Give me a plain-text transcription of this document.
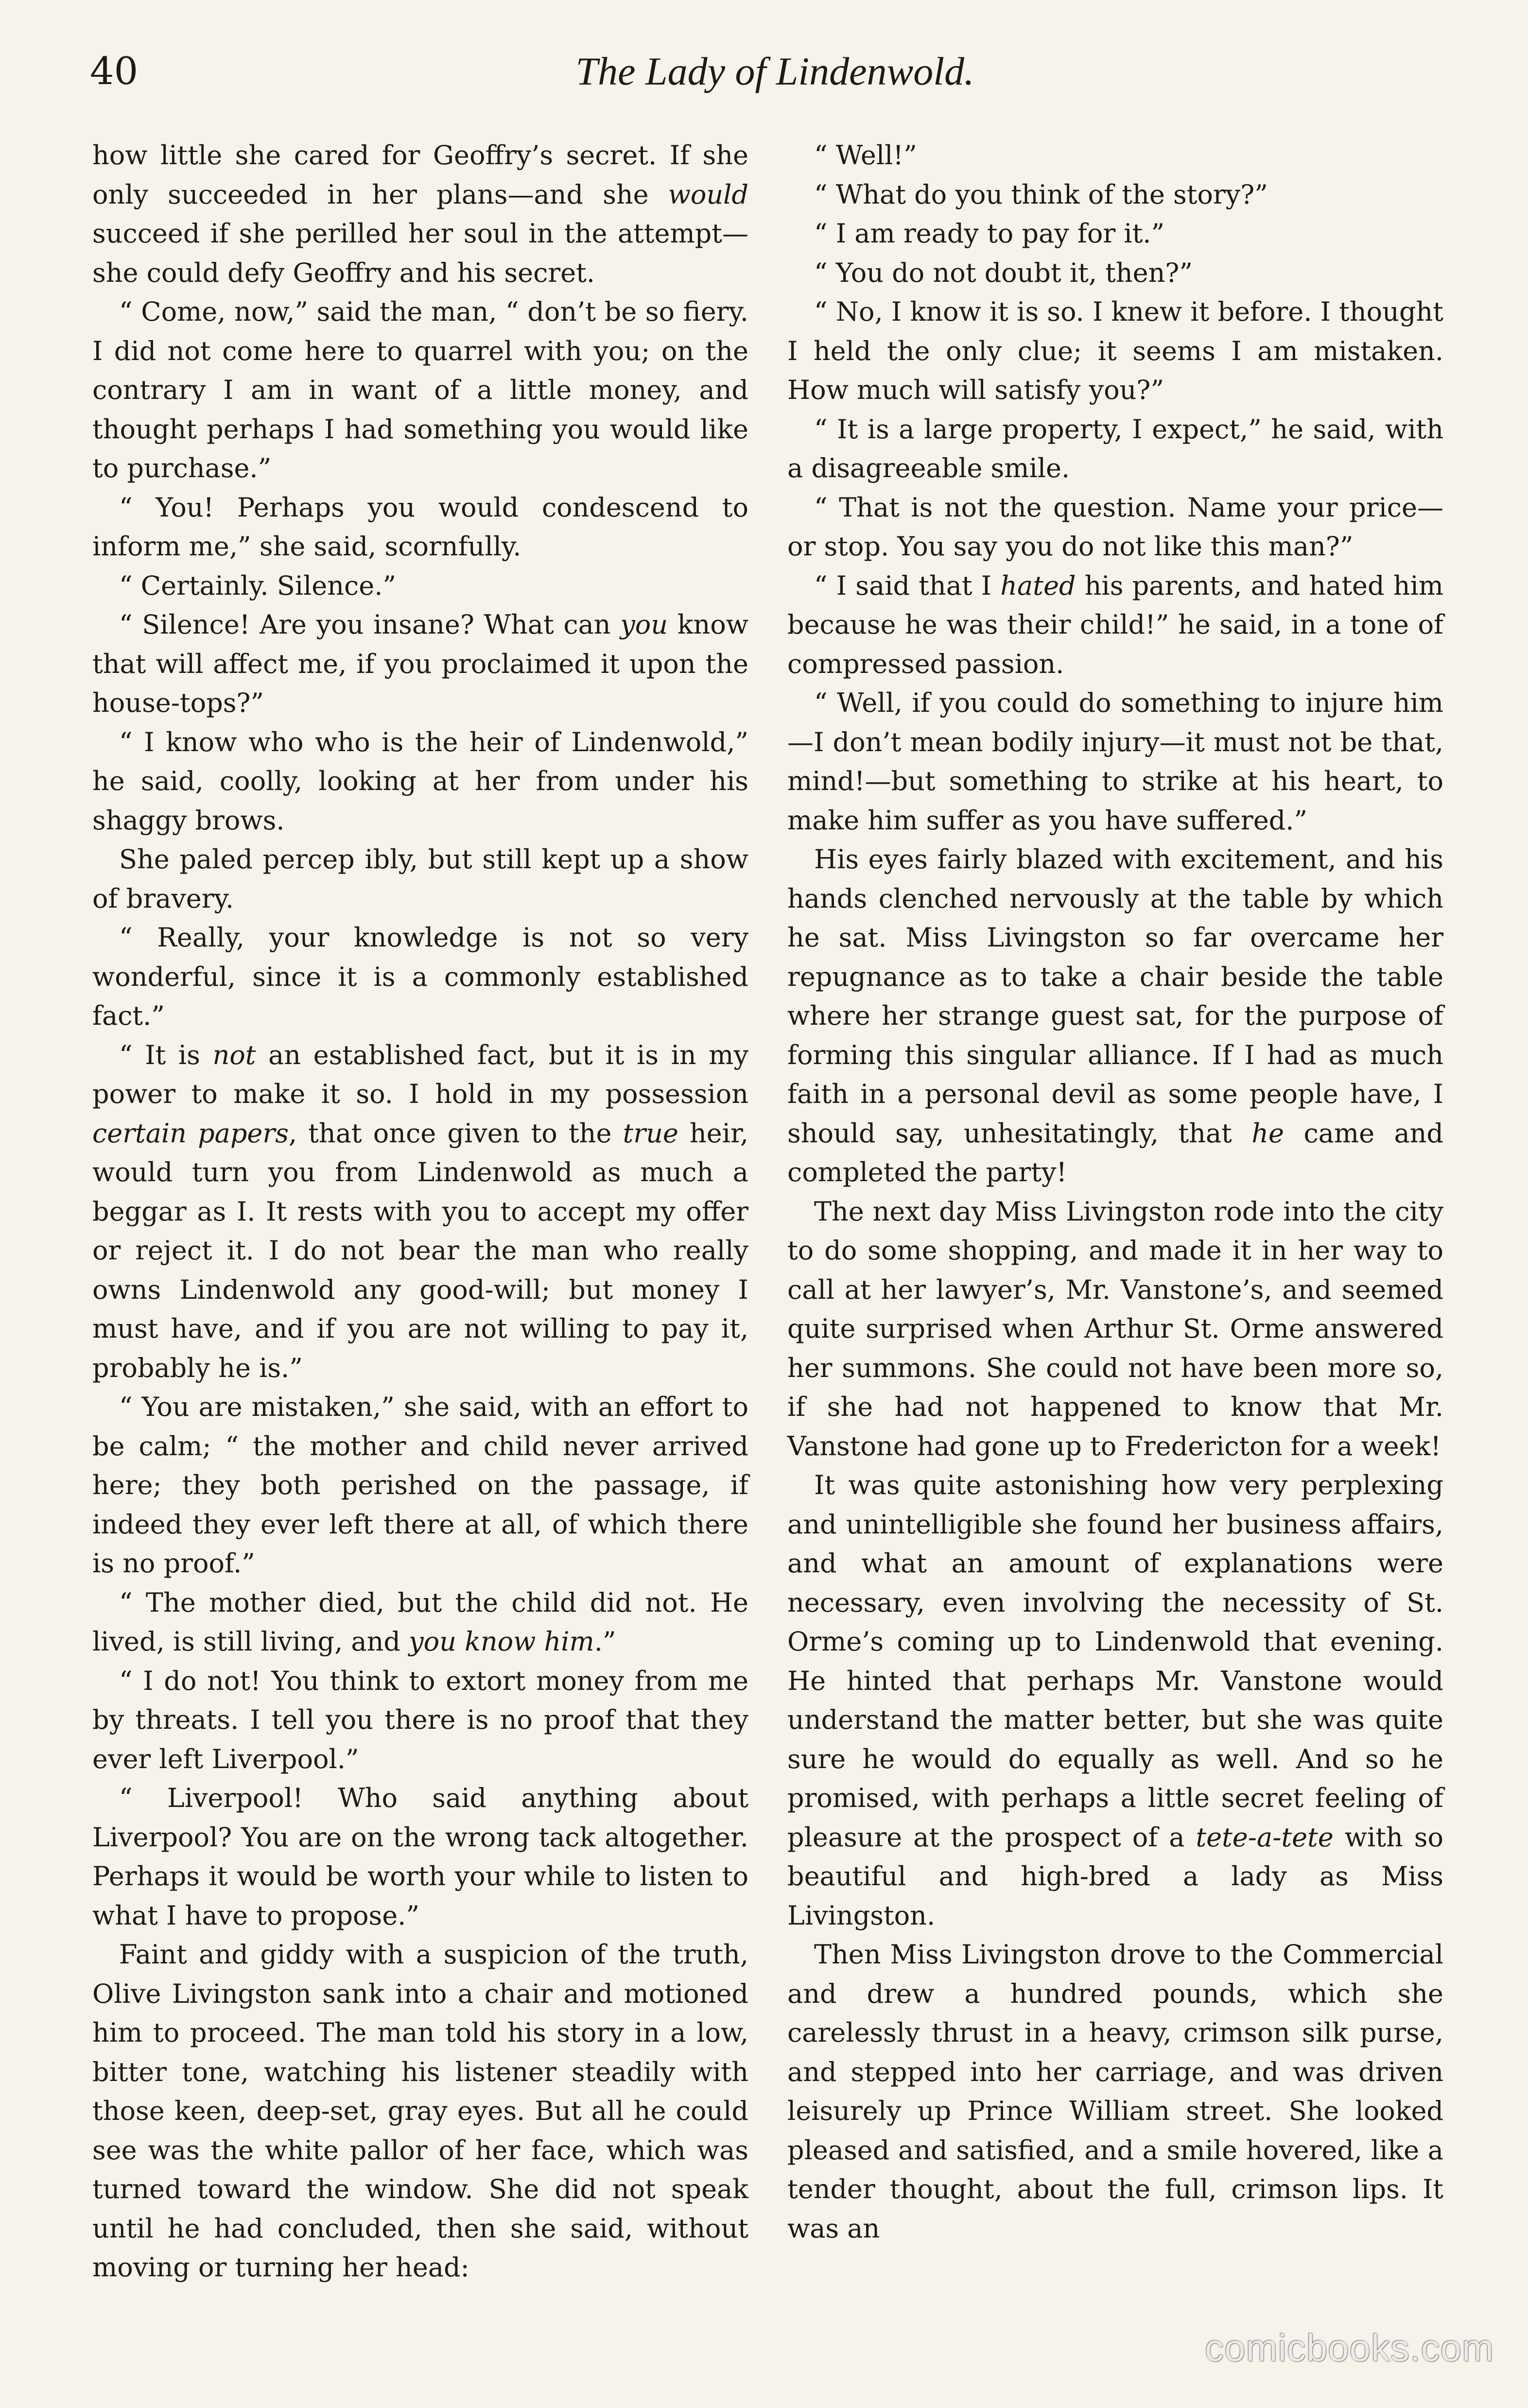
40	The Lady of Lindenwold.

how little she cared for Geoffry’s secret. If she only succeeded in her plans—and she would succeed if she perilled her soul in the attempt—she could defy Geoffry and his secret.

“ Come, now,” said the man, “ don’t be so fiery. I did not come here to quarrel with you; on the contrary I am in want of a little money, and thought perhaps I had something you would like to purchase.”

“ You! Perhaps you would condescend to inform me,” she said, scornfully.

“ Certainly. Silence.”

“ Silence! Are you insane? What can you know that will affect me, if you proclaimed it upon the house-tops?”

“ I know who who is the heir of Lindenwold,” he said, coolly, looking at her from under his shaggy brows.

She paled percep ibly, but still kept up a show of bravery.

“ Really, your knowledge is not so very wonderful, since it is a commonly established fact.”

“ It is not an established fact, but it is in my power to make it so. I hold in my possession certain papers, that once given to the true heir, would turn you from Lindenwold as much a beggar as I. It rests with you to accept my offer or reject it. I do not bear the man who really owns Lindenwold any good-will; but money I must have, and if you are not willing to pay it, probably he is.”

“ You are mistaken,” she said, with an effort to be calm; “ the mother and child never arrived here; they both perished on the passage, if indeed they ever left there at all, of which there is no proof.”

“ The mother died, but the child did not. He lived, is still living, and you know him.”

“ I do not! You think to extort money from me by threats. I tell you there is no proof that they ever left Liverpool.”

“ Liverpool! Who said anything about Liverpool? You are on the wrong tack altogether. Perhaps it would be worth your while to listen to what I have to propose.”

Faint and giddy with a suspicion of the truth, Olive Livingston sank into a chair and motioned him to proceed. The man told his story in a low, bitter tone, watching his listener steadily with those keen, deep-set, gray eyes. But all he could see was the white pallor of her face, which was turned toward the window. She did not speak until he had concluded, then she said, without moving or turning her head:

“ Well!”

“ What do you think of the story?”

“ I am ready to pay for it.”

“ You do not doubt it, then?”

“ No, I know it is so. I knew it before. I thought I held the only clue; it seems I am mistaken. How much will satisfy you?”

“ It is a large property, I expect,” he said, with a disagreeable smile.

“ That is not the question. Name your price—or stop. You say you do not like this man?”

“ I said that I hated his parents, and hated him because he was their child!” he said, in a tone of compressed passion.

“ Well, if you could do something to injure him—I don’t mean bodily injury—it must not be that, mind!—but something to strike at his heart, to make him suffer as you have suffered.”

His eyes fairly blazed with excitement, and his hands clenched nervously at the table by which he sat. Miss Livingston so far overcame her repugnance as to take a chair beside the table where her strange guest sat, for the purpose of forming this singular alliance. If I had as much faith in a personal devil as some people have, I should say, unhesitatingly, that he came and completed the party!

The next day Miss Livingston rode into the city to do some shopping, and made it in her way to call at her lawyer’s, Mr. Vanstone’s, and seemed quite surprised when Arthur St. Orme answered her summons. She could not have been more so, if she had not happened to know that Mr. Vanstone had gone up to Fredericton for a week!

It was quite astonishing how very perplexing and unintelligible she found her business affairs, and what an amount of explanations were necessary, even involving the necessity of St. Orme’s coming up to Lindenwold that evening. He hinted that perhaps Mr. Vanstone would understand the matter better, but she was quite sure he would do equally as well. And so he promised, with perhaps a little secret feeling of pleasure at the prospect of a tete-a-tete with so beautiful and high-bred a lady as Miss Livingston.

Then Miss Livingston drove to the Commercial and drew a hundred pounds, which she carelessly thrust in a heavy, crimson silk purse, and stepped into her carriage, and was driven leisurely up Prince William street. She looked pleased and satisfied, and a smile hovered, like a tender thought, about the full, crimson lips. It was an

comicbooks.com
